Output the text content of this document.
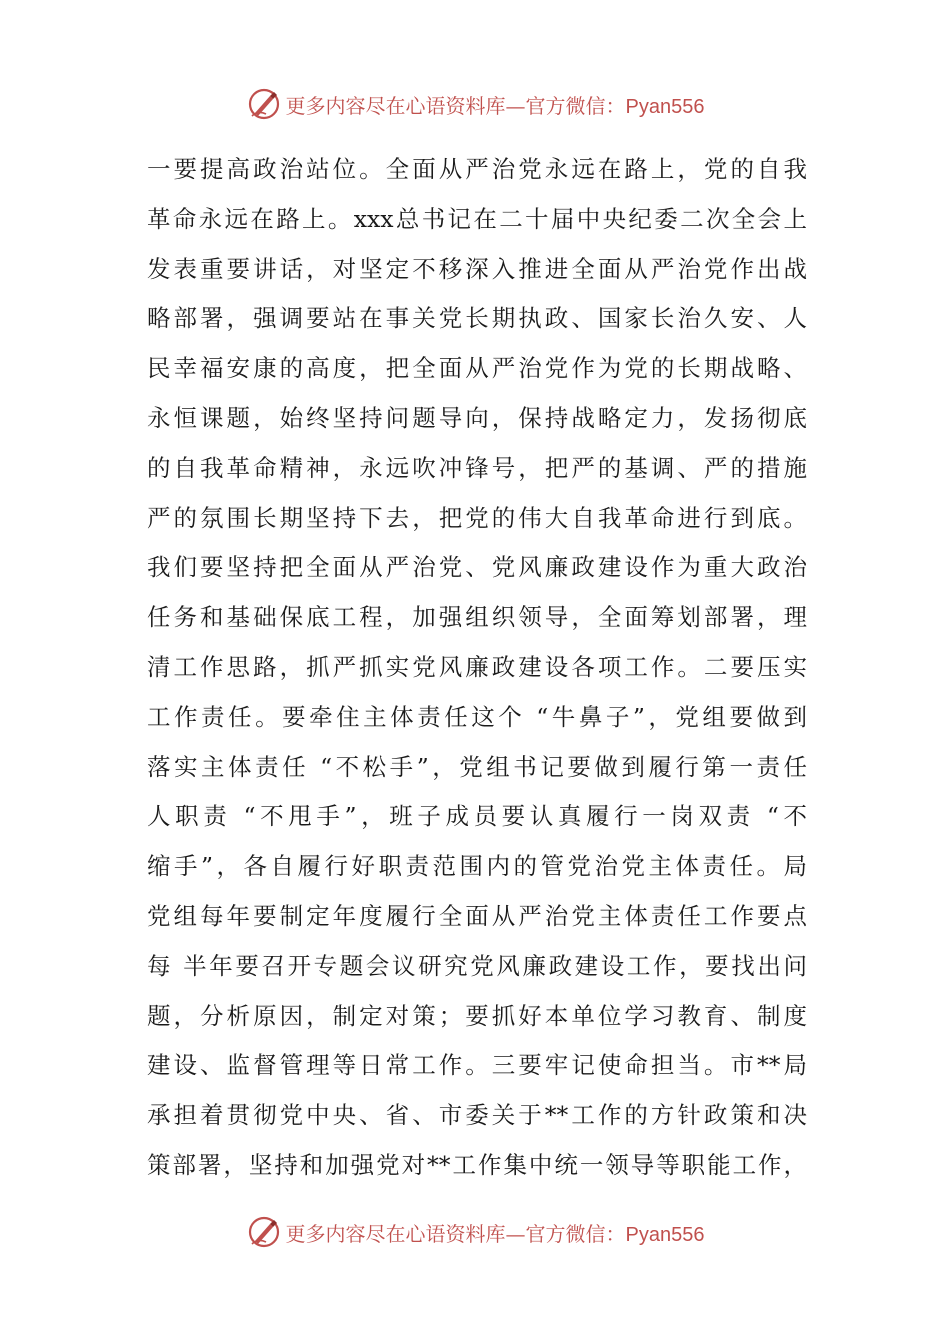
更多内容尽在心语资料库—官方微信：Pyan556
一要提高政治站位。全面从严治党永远在路上，党的自我
革命永远在路上。xxx总书记在二十届中央纪委二次全会上
发表重要讲话，对坚定不移深入推进全面从严治党作出战
略部署，强调要站在事关党长期执政、国家长治久安、人
民幸福安康的高度，把全面从严治党作为党的长期战略、
永恒课题，始终坚持问题导向，保持战略定力，发扬彻底
的自我革命精神，永远吹冲锋号，把严的基调、严的措施
严的氛围长期坚持下去，把党的伟大自我革命进行到底。
我们要坚持把全面从严治党、党风廉政建设作为重大政治
任务和基础保底工程，加强组织领导，全面筹划部署，理
清工作思路，抓严抓实党风廉政建设各项工作。二要压实
工作责任。要牵住主体责任这个 “牛鼻子”，党组要做到
落实主体责任 “不松手”，党组书记要做到履行第一责任
人职责 “不甩手”，班子成员要认真履行一岗双责 “不
缩手”，各自履行好职责范围内的管党治党主体责任。局
党组每年要制定年度履行全面从严治党主体责任工作要点
每 半年要召开专题会议研究党风廉政建设工作，要找出问
题，分析原因，制定对策；要抓好本单位学习教育、制度
建设、监督管理等日常工作。三要牢记使命担当。市**局
承担着贯彻党中央、省、市委关于**工作的方针政策和决
策部署，坚持和加强党对**工作集中统一领导等职能工作，
更多内容尽在心语资料库—官方微信：Pyan556
